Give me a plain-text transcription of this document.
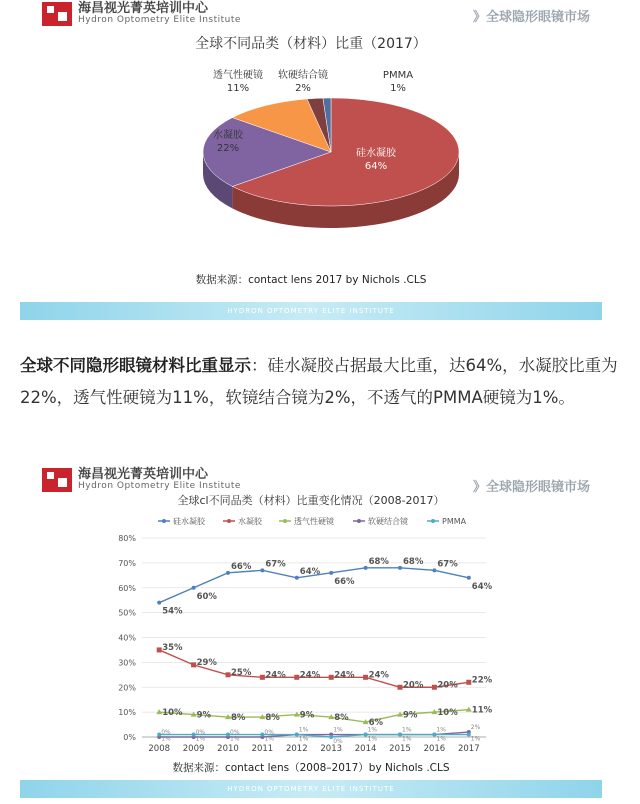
海昌视光菁英培训中心
Hydron Optometry Elite Institute	》全球隐形眼镜市场
全球不同品类（材料）比重（2017）
硅水凝胶
64%
水凝胶
22%
透气性硬镜
11%
软硬结合镜
2%
PMMA
1%
数据来源：contact lens 2017 by Nichols .CLS
HYDRON OPTOMETRY ELITE INSTITUTE
全球不同隐形眼镜材料比重显示：硅水凝胶占据最大比重，达64%，水凝胶比重为22%，透气性硬镜为11%，软镜结合镜为2%，不透气的PMMA硬镜为1%。
海昌视光菁英培训中心
Hydron Optometry Elite Institute	》全球隐形眼镜市场
全球cl不同品类（材料）比重变化情况（2008-2017）
硅水凝胶	水凝胶	透气性硬镜	软硬结合镜	PMMA
0%
10%
20%
30%
40%
50%
60%
70%
80%
2008 2009 2010 2011 2012 2013 2014 2015 2016 2017
54%
60%
66% 67%
64%
66%
68% 68% 67%
64%
35%
29%
25% 24% 24% 24% 24%
20% 20% 22%
10% 9% 8% 8% 9% 8% 6%
9% 10% 11%
0%	0%	0%	0%	1%	1%	1%	1%	1%	2%
1%	1%	1%	1%	1%	0%	1%	1%	1%	1%
数据来源：contact lens（2008–2017）by Nichols .CLS
HYDRON OPTOMETRY ELITE INSTITUTE
